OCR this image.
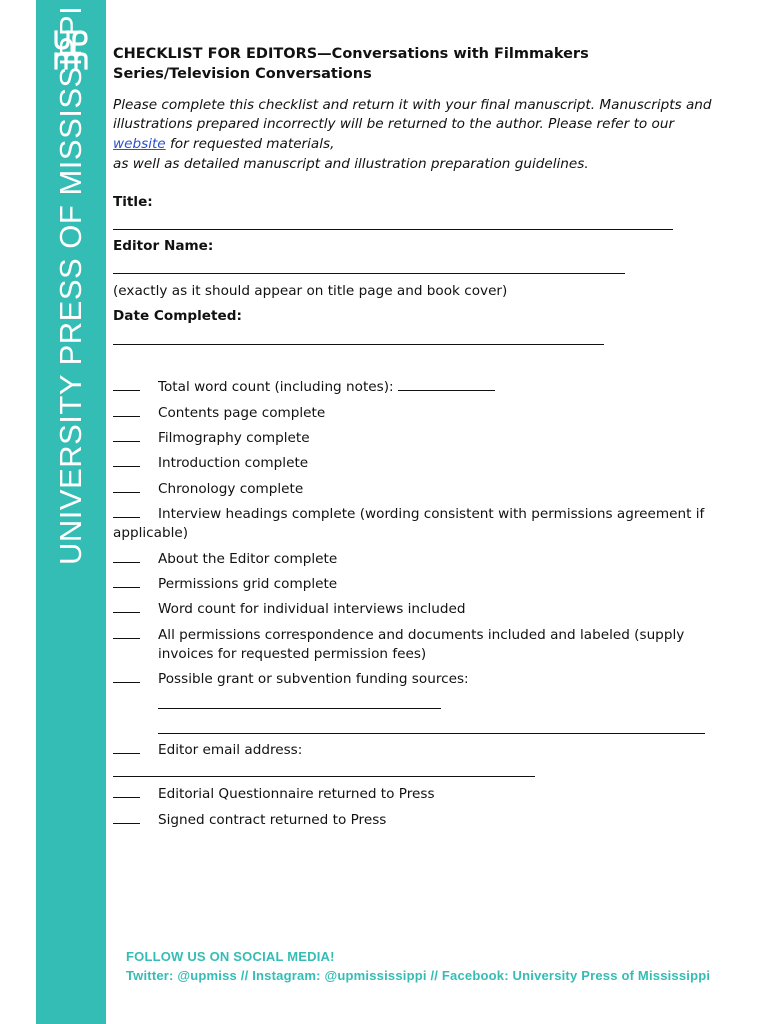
UNIVERSITY PRESS OF MISSISSIPPI CHECKLIST FOR EDITORS—Conversations with Filmmakers
Series/Television Conversations

Please complete this checklist and return it with your final manuscript. Manuscripts and illustrations prepared incorrectly will be returned to the author. Please refer to our website for requested materials,
as well as detailed manuscript and illustration preparation guidelines.

Title:
Editor Name:
(exactly as it should appear on title page and book cover)
Date Completed:
Total word count (including notes):
Contents page complete
Filmography complete
Introduction complete
Chronology complete
Interview headings complete (wording consistent with permissions agreement if applicable)
About the Editor complete
Permissions grid complete
Word count for individual interviews included
All permissions correspondence and documents included and labeled (supply invoices for requested permission fees)
Possible grant or subvention funding sources:
Editor email address:
Editorial Questionnaire returned to Press
Signed contract returned to Press
FOLLOW US ON SOCIAL MEDIA!
Twitter: @upmiss // Instagram: @upmississippi // Facebook: University Press of Mississippi
